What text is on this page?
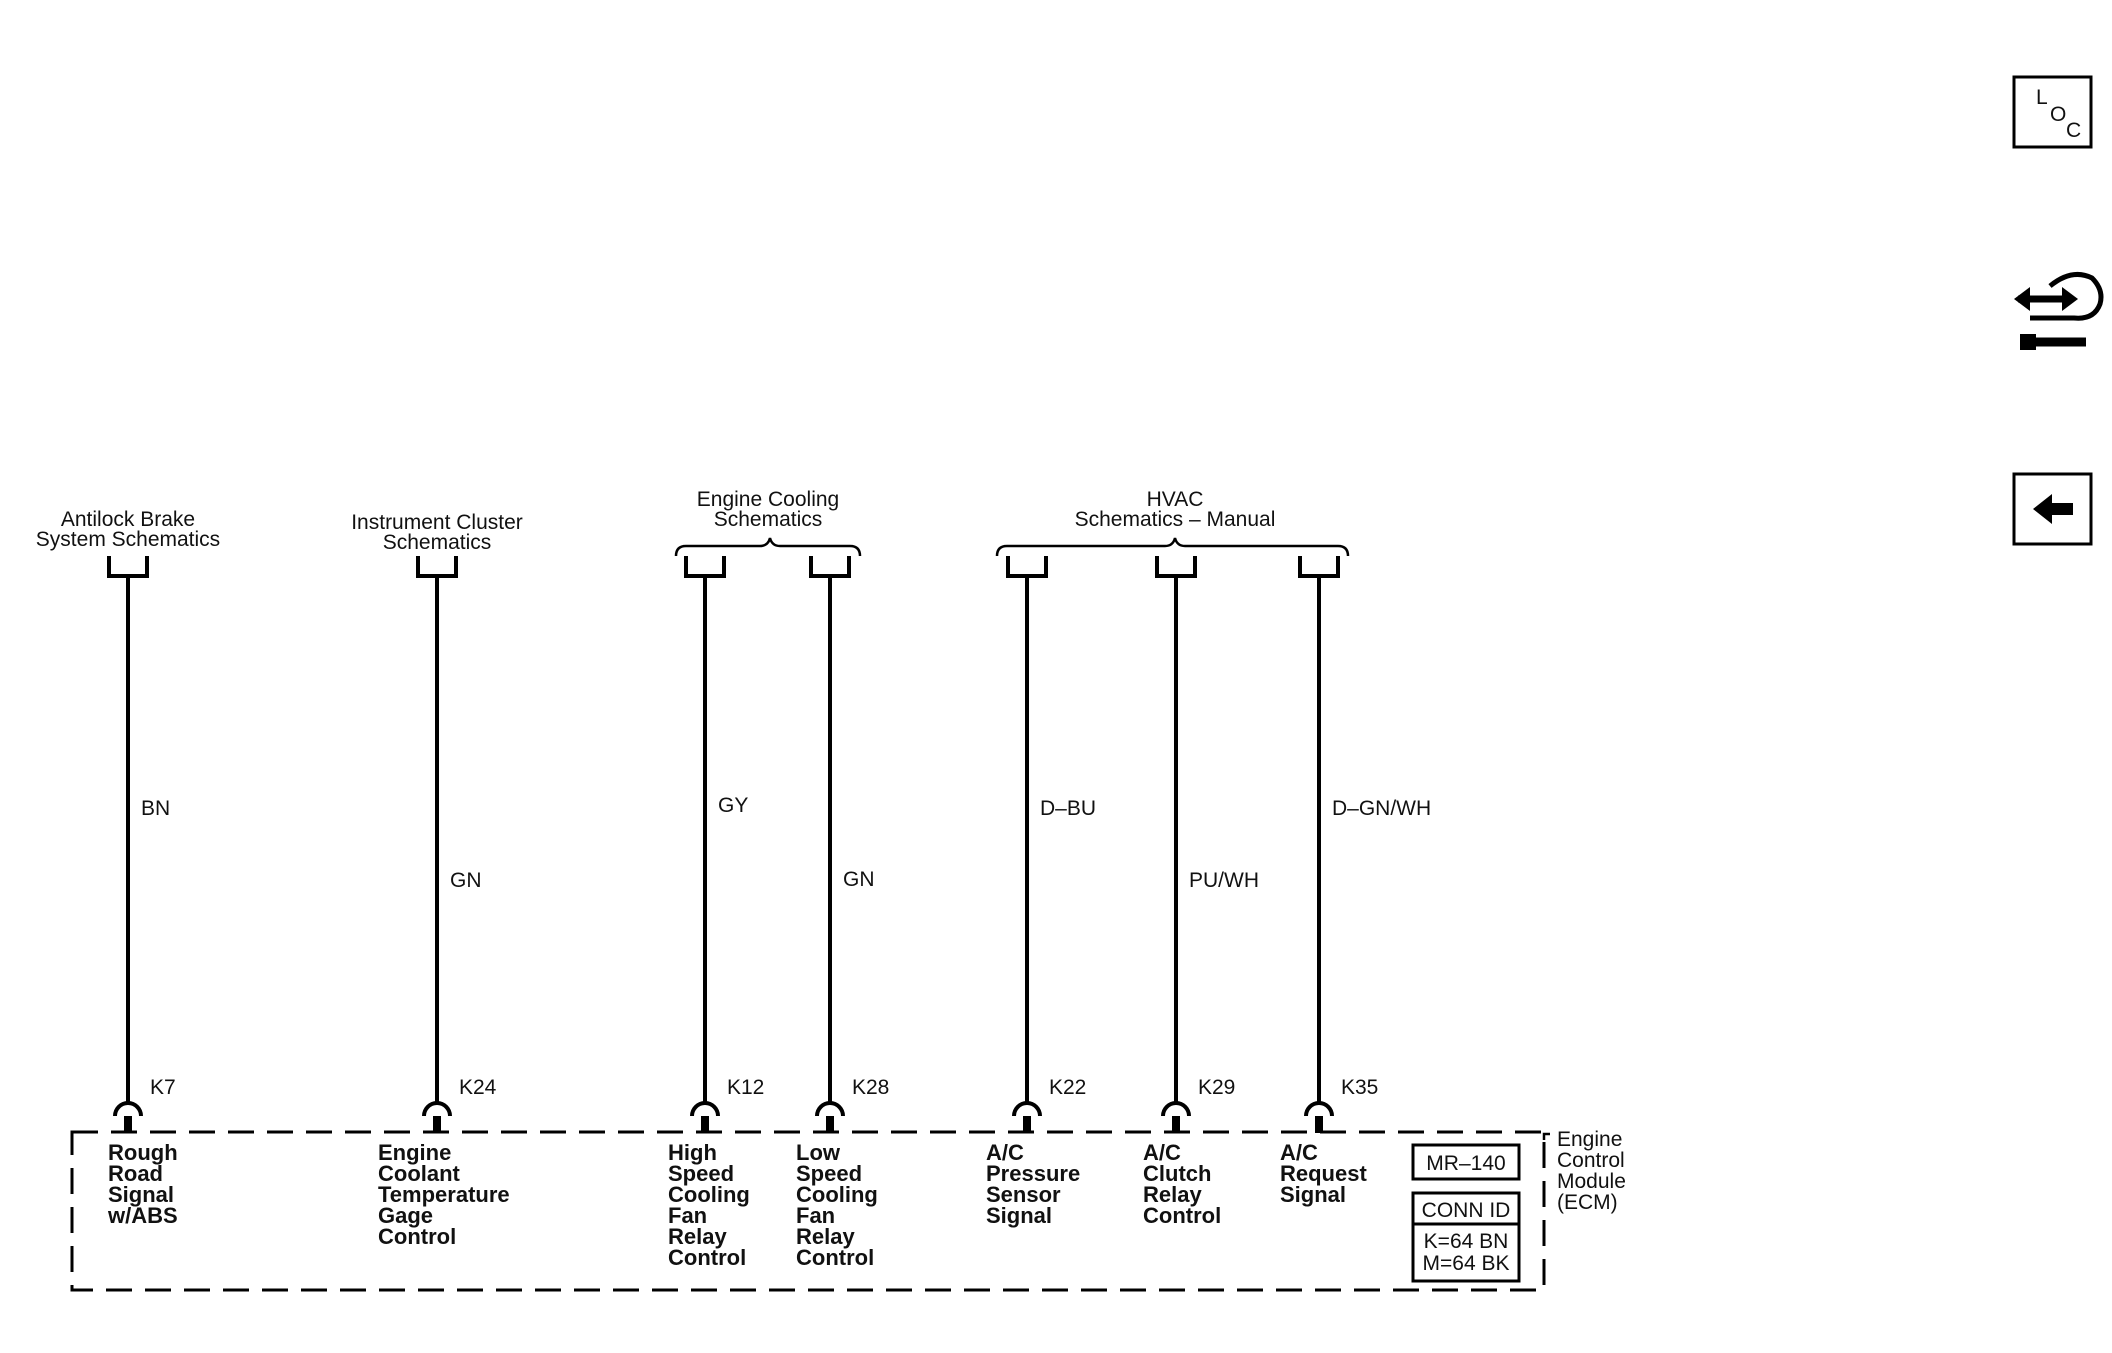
Antilock Brake
System Schematics
Instrument Cluster
Schematics
Engine Cooling
Schematics
HVAC
Schematics – Manual
BN
K7
Rough
Road
Signal
w/ABS
GN
K24
Engine
Coolant
Temperature
Gage
Control
GY
K12
High
Speed
Cooling
Fan
Relay
Control
GN
K28
Low
Speed
Cooling
Fan
Relay
Control
D–BU
K22
A/C
Pressure
Sensor
Signal
PU/WH
K29
A/C
Clutch
Relay
Control
D–GN/WH
K35
A/C
Request
Signal
MR–140
CONN ID
K=64 BN
M=64 BK
Engine
Control
Module
(ECM)
L
O
C
